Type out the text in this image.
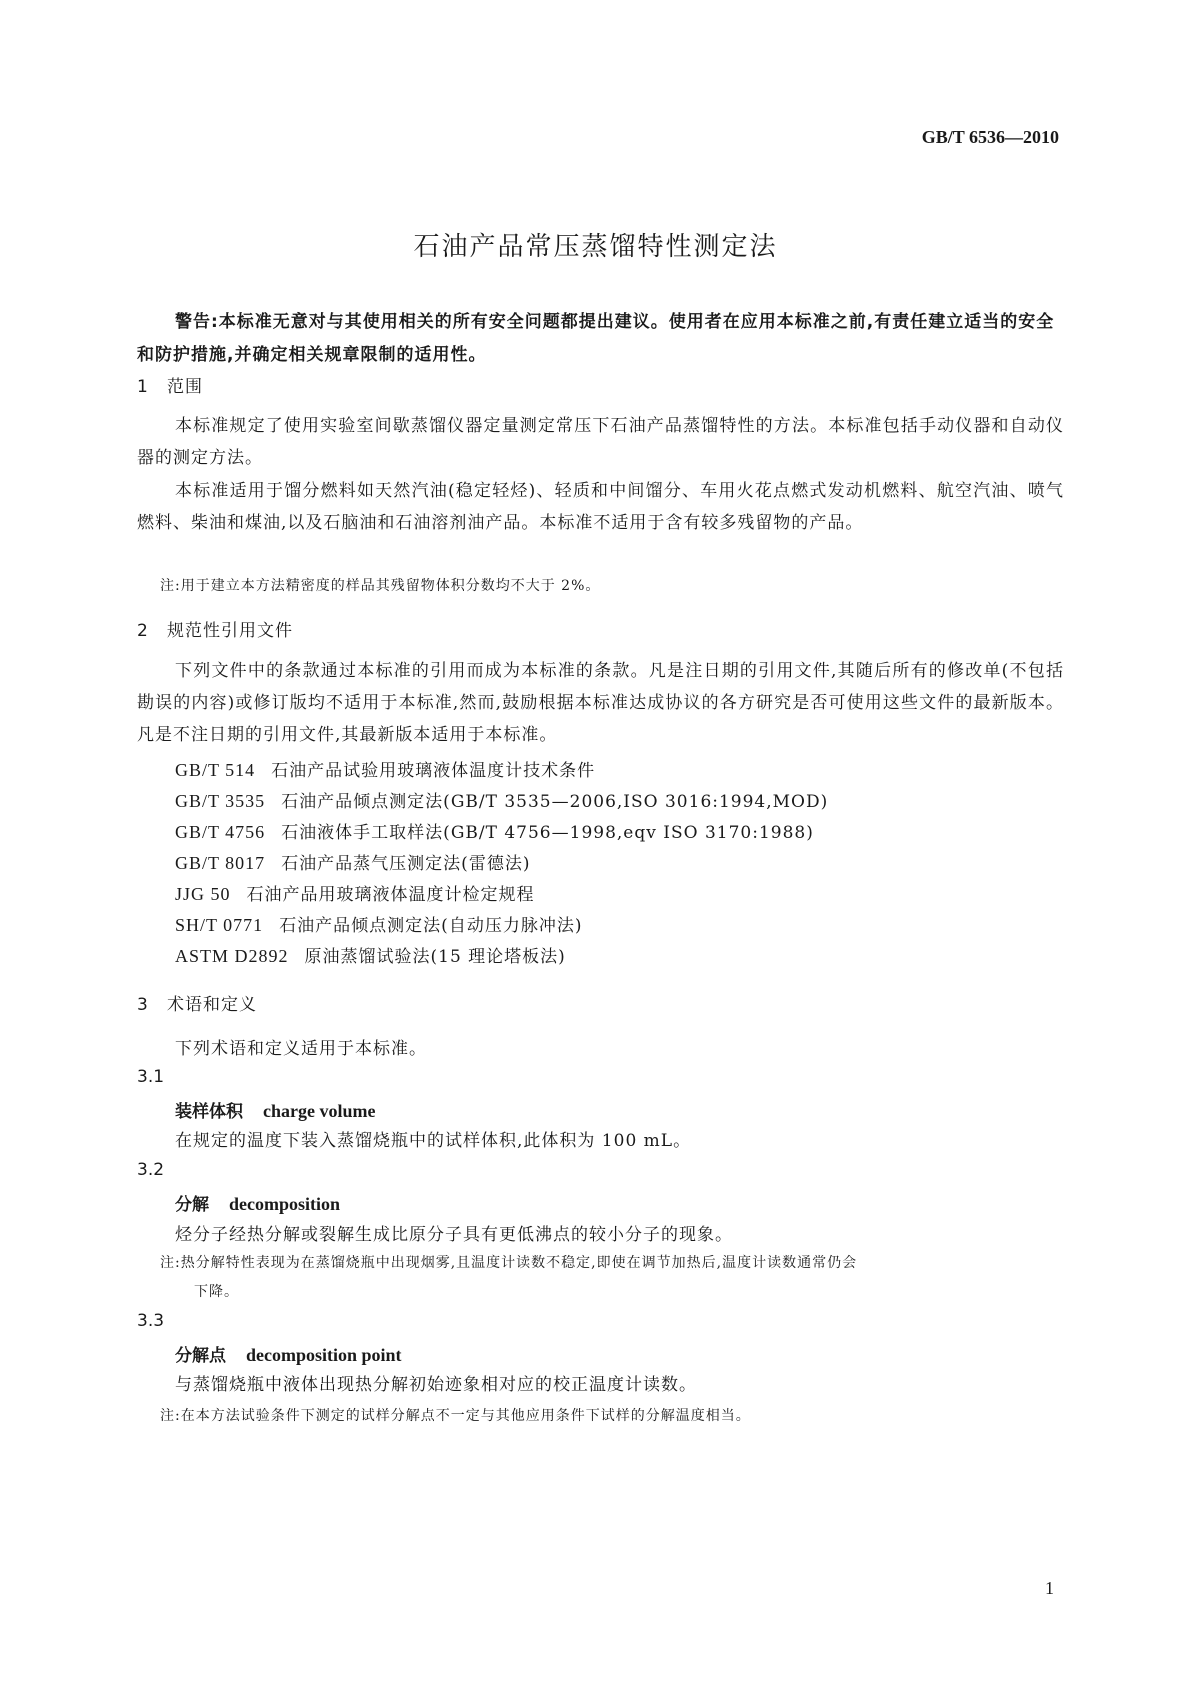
GB/T 6536—2010
石油产品常压蒸馏特性测定法
警告:本标准无意对与其使用相关的所有安全问题都提出建议。使用者在应用本标准之前,有责任建立适当的安全和防护措施,并确定相关规章限制的适用性。
1 范围
本标准规定了使用实验室间歇蒸馏仪器定量测定常压下石油产品蒸馏特性的方法。本标准包括手动仪器和自动仪器的测定方法。
本标准适用于馏分燃料如天然汽油(稳定轻烃)、轻质和中间馏分、车用火花点燃式发动机燃料、航空汽油、喷气燃料、柴油和煤油,以及石脑油和石油溶剂油产品。本标准不适用于含有较多残留物的产品。
注:用于建立本方法精密度的样品其残留物体积分数均不大于 2%。
2 规范性引用文件
下列文件中的条款通过本标准的引用而成为本标准的条款。凡是注日期的引用文件,其随后所有的修改单(不包括勘误的内容)或修订版均不适用于本标准,然而,鼓励根据本标准达成协议的各方研究是否可使用这些文件的最新版本。凡是不注日期的引用文件,其最新版本适用于本标准。
GB/T 514 石油产品试验用玻璃液体温度计技术条件
GB/T 3535 石油产品倾点测定法(GB/T 3535—2006,ISO 3016:1994,MOD)
GB/T 4756 石油液体手工取样法(GB/T 4756—1998,eqv ISO 3170:1988)
GB/T 8017 石油产品蒸气压测定法(雷德法)
JJG 50 石油产品用玻璃液体温度计检定规程
SH/T 0771 石油产品倾点测定法(自动压力脉冲法)
ASTM D2892 原油蒸馏试验法(15 理论塔板法)
3 术语和定义
下列术语和定义适用于本标准。
3.1
装样体积 charge volume
在规定的温度下装入蒸馏烧瓶中的试样体积,此体积为 100 mL。
3.2
分解 decomposition
烃分子经热分解或裂解生成比原分子具有更低沸点的较小分子的现象。
注:热分解特性表现为在蒸馏烧瓶中出现烟雾,且温度计读数不稳定,即使在调节加热后,温度计读数通常仍会
下降。
3.3
分解点 decomposition point
与蒸馏烧瓶中液体出现热分解初始迹象相对应的校正温度计读数。
注:在本方法试验条件下测定的试样分解点不一定与其他应用条件下试样的分解温度相当。
1
